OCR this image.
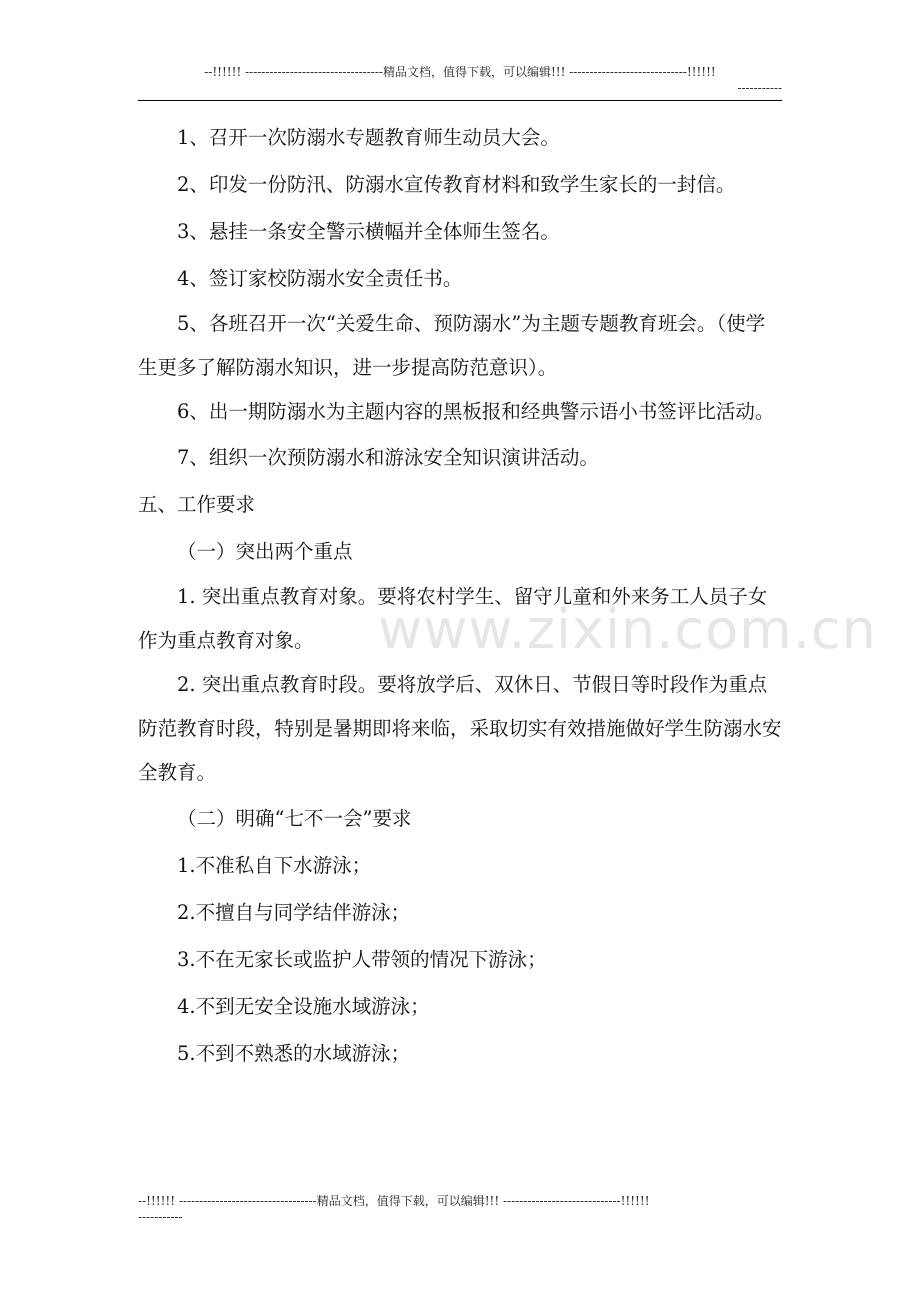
--!!!!!! ----------------------------------精品文档，值得下载，可以编辑!!! -----------------------------!!!!!!
-----------

1、召开一次防溺水专题教育师生动员大会。

2、印发一份防汛、防溺水宣传教育材料和致学生家长的一封信。

3、悬挂一条安全警示横幅并全体师生签名。

4、签订家校防溺水安全责任书。

5、各班召开一次“关爱生命、预防溺水”为主题专题教育班会。（使学生更多了解防溺水知识，进一步提高防范意识）。

6、出一期防溺水为主题内容的黑板报和经典警示语小书签评比活动。

7、组织一次预防溺水和游泳安全知识演讲活动。

五、工作要求

（一）突出两个重点

1. 突出重点教育对象。要将农村学生、留守儿童和外来务工人员子女作为重点教育对象。

2. 突出重点教育时段。要将放学后、双休日、节假日等时段作为重点防范教育时段，特别是暑期即将来临，采取切实有效措施做好学生防溺水安全教育。

（二）明确“七不一会”要求

1.不准私自下水游泳；

2.不擅自与同学结伴游泳；

3.不在无家长或监护人带领的情况下游泳；

4.不到无安全设施水域游泳；

5.不到不熟悉的水域游泳；

www.zixin.com.cn
--!!!!!! ----------------------------------精品文档，值得下载，可以编辑!!! -----------------------------!!!!!!
-----------
